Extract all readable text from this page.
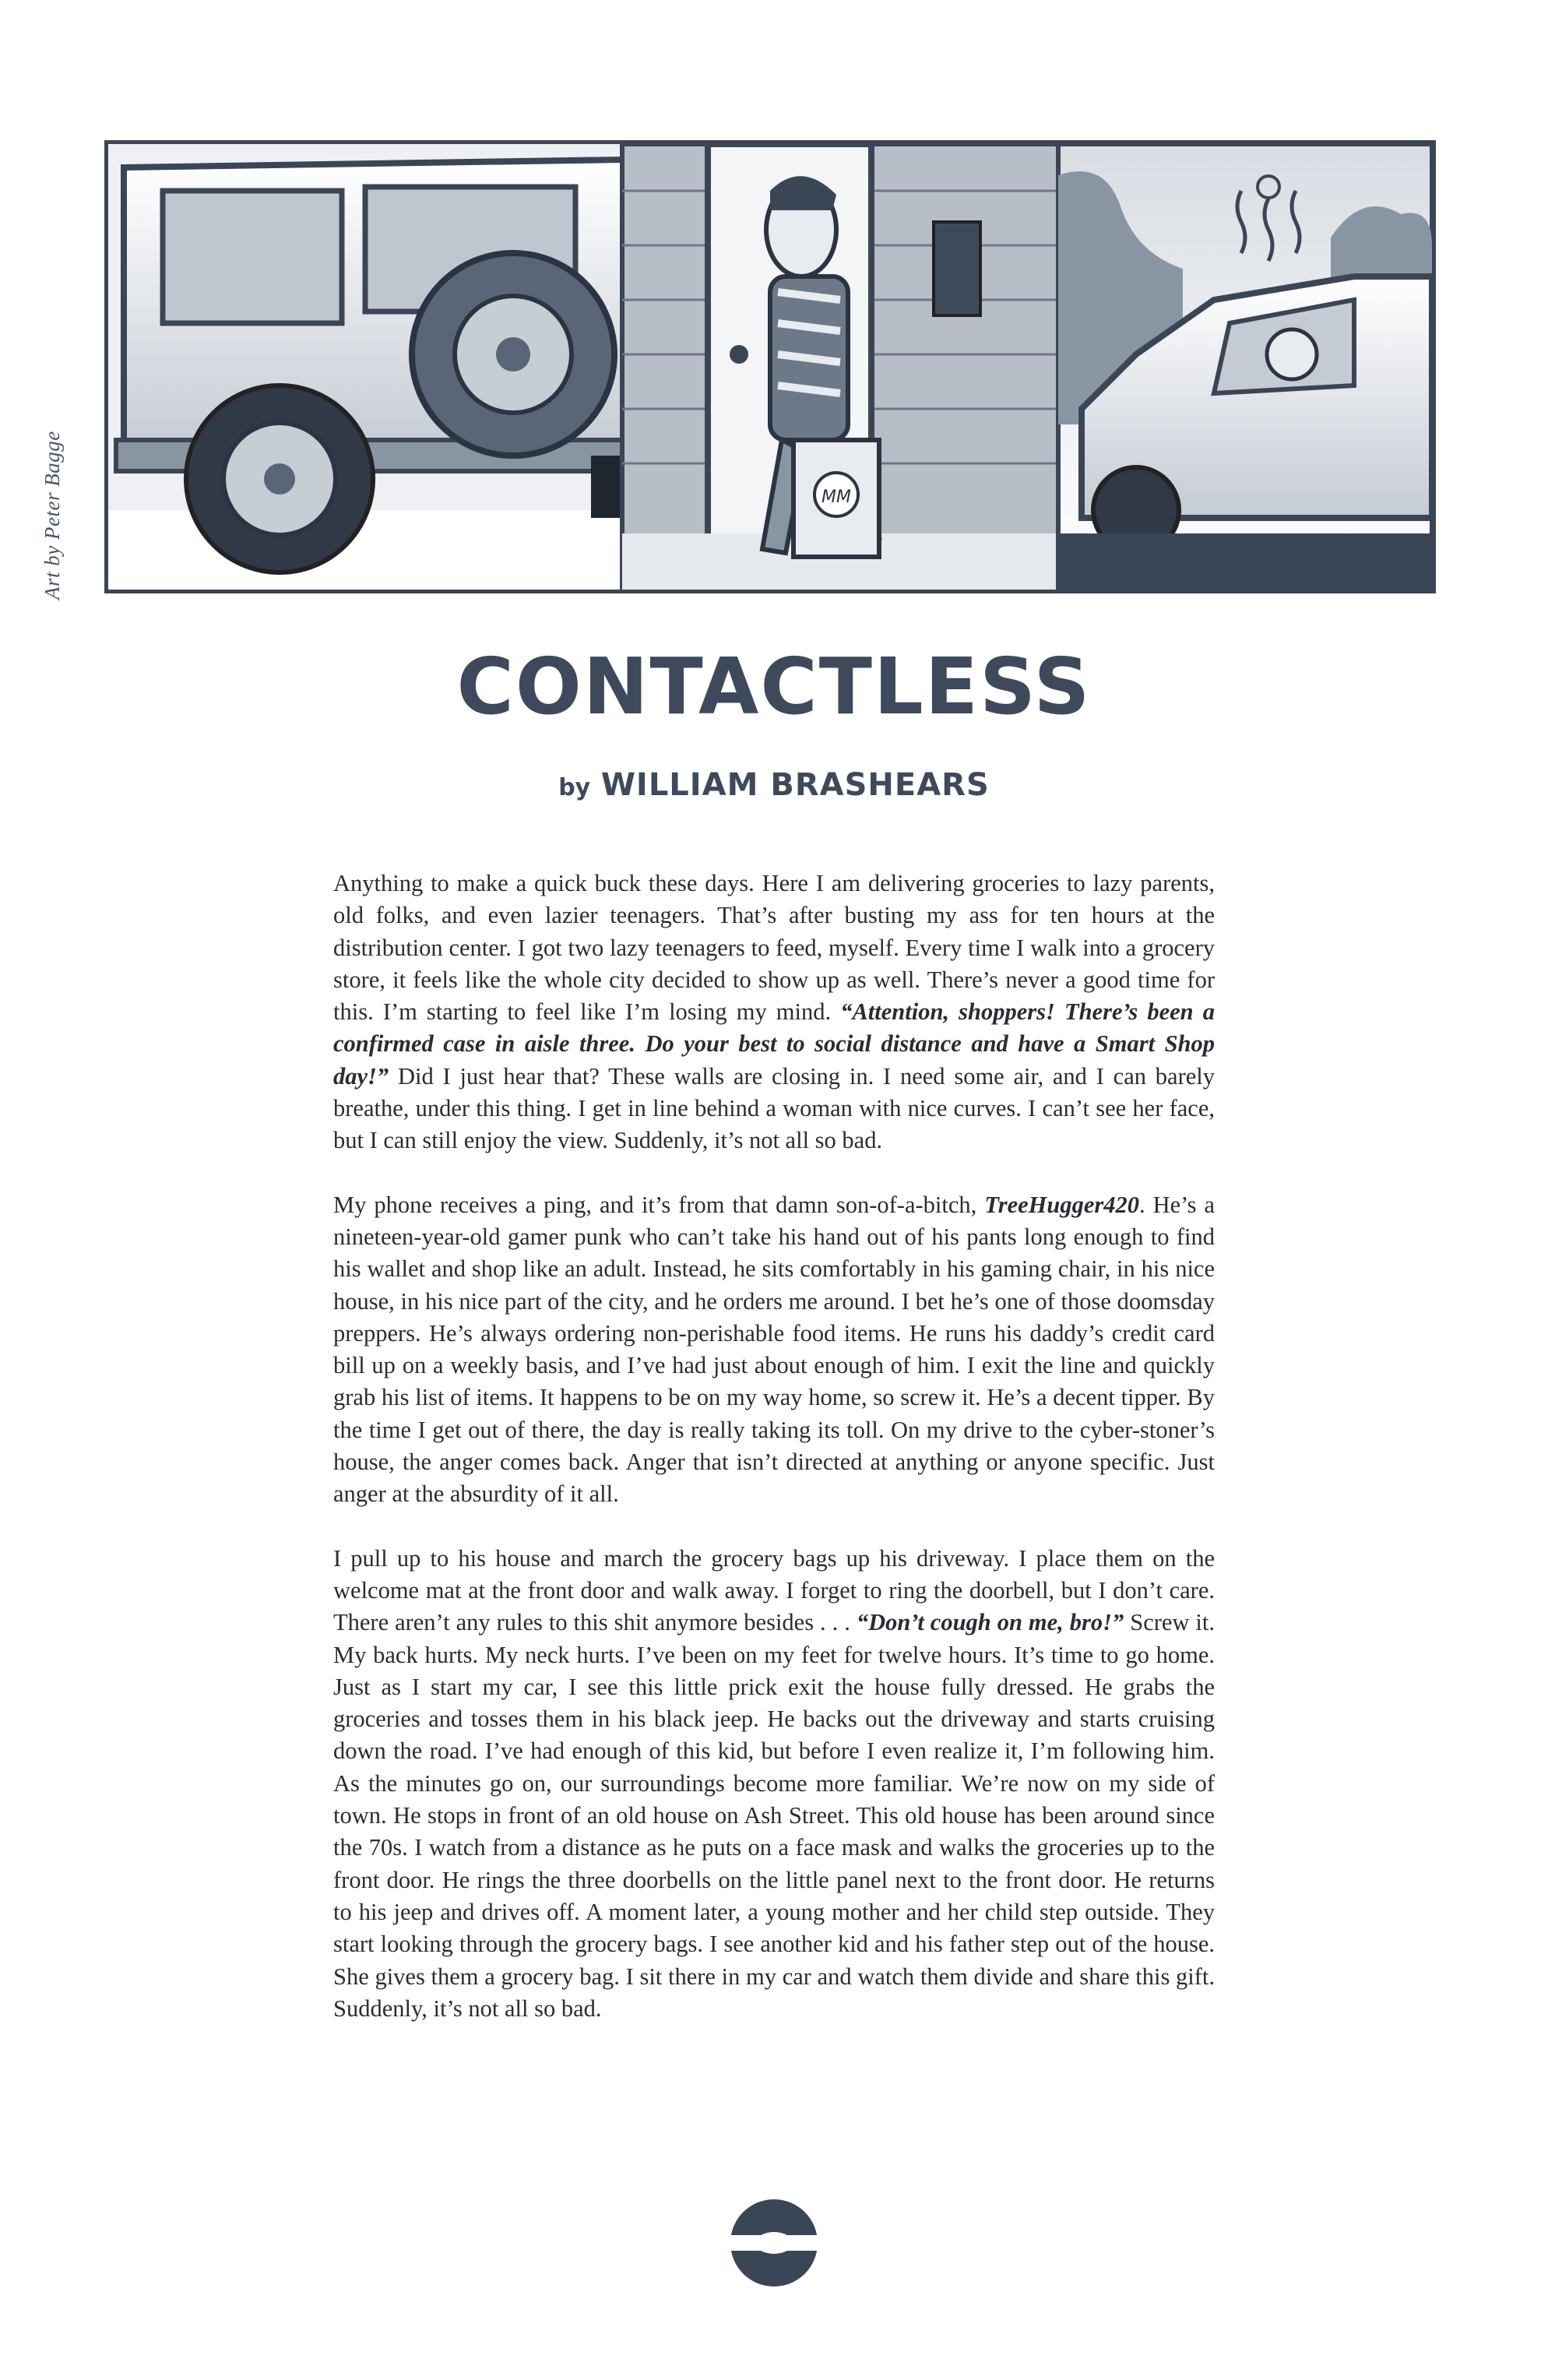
MM
'21 P. BAGGE
Art by Peter Bagge
CONTACTLESS
by WILLIAM BRASHEARS

Anything to make a quick buck these days. Here I am delivering groceries to lazy parents, old folks, and even lazier teenagers. That’s after busting my ass for ten hours at the distribution center. I got two lazy teenagers to feed, myself. Every time I walk into a grocery store, it feels like the whole city decided to show up as well. There’s never a good time for this. I’m starting to feel like I’m losing my mind. “Attention, shoppers! There’s been a confirmed case in aisle three. Do your best to social distance and have a Smart Shop day!” Did I just hear that? These walls are closing in. I need some air, and I can barely breathe, under this thing. I get in line behind a woman with nice curves. I can’t see her face, but I can still enjoy the view. Suddenly, it’s not all so bad.

My phone receives a ping, and it’s from that damn son-of-a-bitch, TreeHugger420. He’s a nineteen-year-old gamer punk who can’t take his hand out of his pants long enough to find his wallet and shop like an adult. Instead, he sits comfortably in his gaming chair, in his nice house, in his nice part of the city, and he orders me around. I bet he’s one of those doomsday preppers. He’s always ordering non-perishable food items. He runs his daddy’s credit card bill up on a weekly basis, and I’ve had just about enough of him. I exit the line and quickly grab his list of items. It happens to be on my way home, so screw it. He’s a decent tipper. By the time I get out of there, the day is really taking its toll. On my drive to the cyber-stoner’s house, the anger comes back. Anger that isn’t directed at anything or anyone specific. Just anger at the absurdity of it all.

I pull up to his house and march the grocery bags up his driveway. I place them on the welcome mat at the front door and walk away. I forget to ring the doorbell, but I don’t care. There aren’t any rules to this shit anymore besides . . . “Don’t cough on me, bro!” Screw it. My back hurts. My neck hurts. I’ve been on my feet for twelve hours. It’s time to go home. Just as I start my car, I see this little prick exit the house fully dressed. He grabs the groceries and tosses them in his black jeep. He backs out the driveway and starts cruising down the road. I’ve had enough of this kid, but before I even realize it, I’m following him. As the minutes go on, our surroundings become more familiar. We’re now on my side of town. He stops in front of an old house on Ash Street. This old house has been around since the 70s. I watch from a distance as he puts on a face mask and walks the groceries up to the front door. He rings the three doorbells on the little panel next to the front door. He returns to his jeep and drives off. A moment later, a young mother and her child step outside. They start looking through the grocery bags. I see another kid and his father step out of the house. She gives them a grocery bag. I sit there in my car and watch them divide and share this gift. Suddenly, it’s not all so bad.
